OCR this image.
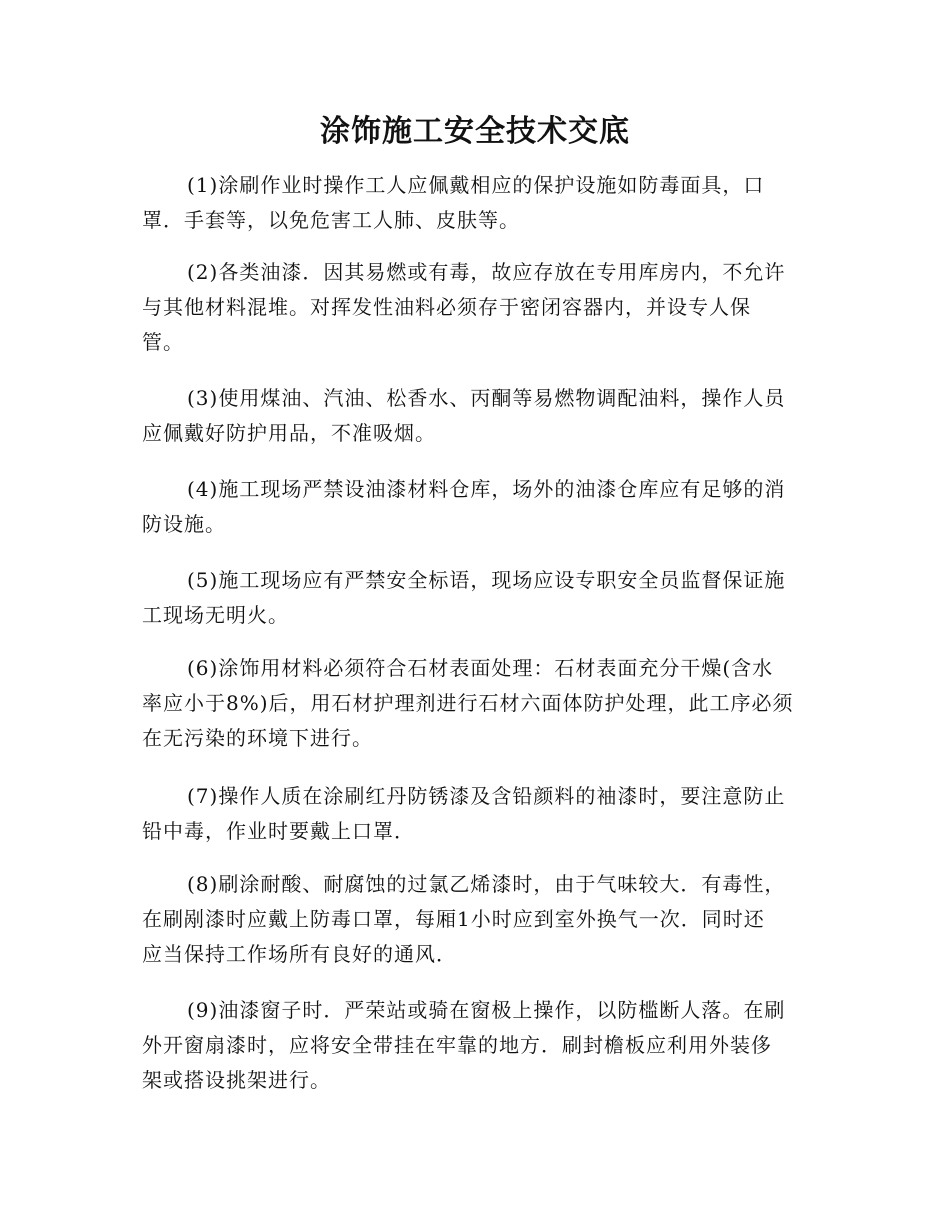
涂饰施工安全技术交底
(1)涂刷作业时操作工人应佩戴相应的保护设施如防毒面具，口
罩．手套等，以免危害工人肺、皮肤等。
(2)各类油漆．因其易燃或有毒，故应存放在专用库房内，不允许
与其他材料混堆。对挥发性油料必须存于密闭容器内，并设专人保
管。
(3)使用煤油、汽油、松香水、丙酮等易燃物调配油料，操作人员
应佩戴好防护用品，不准吸烟。
(4)施工现场严禁设油漆材料仓库，场外的油漆仓库应有足够的消
防设施。
(5)施工现场应有严禁安全标语，现场应设专职安全员监督保证施
工现场无明火。
(6)涂饰用材料必须符合石材表面处理：石材表面充分干燥(含水
率应小于8%)后，用石材护理剂进行石材六面体防护处理，此工序必须
在无污染的环境下进行。
(7)操作人质在涂刷红丹防锈漆及含铅颜料的袖漆时，要注意防止
铅中毒，作业时要戴上口罩．
(8)刷涂耐酸、耐腐蚀的过氯乙烯漆时，由于气味较大．有毒性，
在刷剐漆时应戴上防毒口罩，每厢1小时应到室外换气一次．同时还
应当保持工作场所有良好的通风．
(9)油漆窗子时．严荣站或骑在窗极上操作，以防槛断人落。在刷
外开窗扇漆时，应将安全带挂在牢靠的地方．刷封檐板应利用外装侈
架或搭设挑架进行。
